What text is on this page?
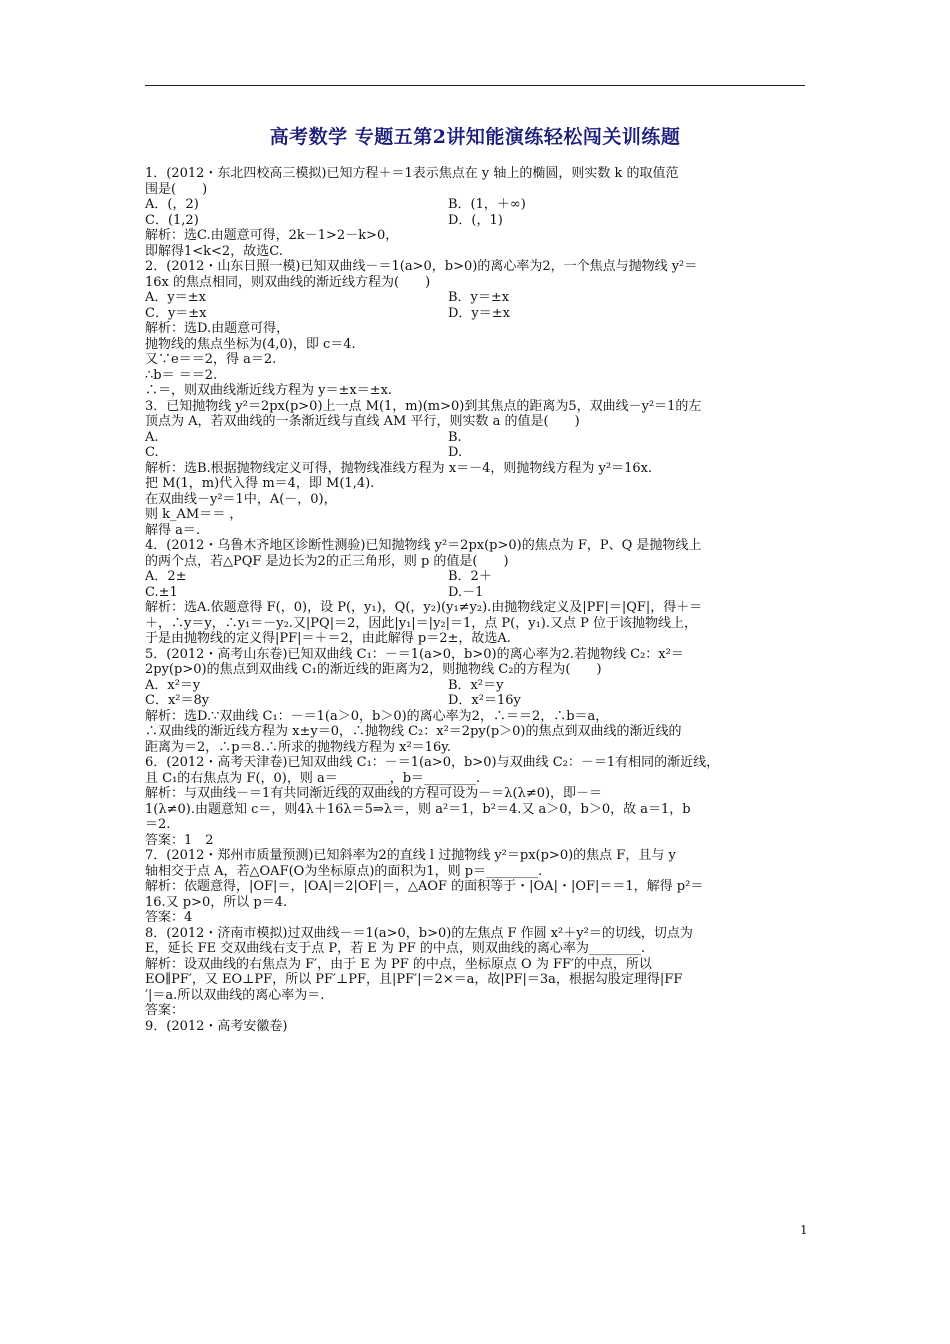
高考数学 专题五第2讲知能演练轻松闯关训练题
1．(2012・东北四校高三模拟)已知方程＋＝1表示焦点在 y 轴上的椭圆，则实数 k 的取值范
围是(　　)
A．(，2)	B．(1，＋∞)
C．(1,2)	D．(，1)
解析：选C.由题意可得，2k－1>2－k>0，
即解得1<k<2，故选C.
2．(2012・山东日照一模)已知双曲线－＝1(a>0，b>0)的离心率为2，一个焦点与抛物线 y²＝
16x 的焦点相同，则双曲线的渐近线方程为(　　)
A．y＝±x	B．y＝±x
C．y＝±x	D．y＝±x
解析：选D.由题意可得，
抛物线的焦点坐标为(4,0)，即 c＝4.
又∵e＝＝2，得 a＝2.
∴b＝ ＝＝2.
∴＝，则双曲线渐近线方程为 y＝±x＝±x.
3．已知抛物线 y²＝2px(p>0)上一点 M(1，m)(m>0)到其焦点的距离为5，双曲线－y²＝1的左
顶点为 A，若双曲线的一条渐近线与直线 AM 平行，则实数 a 的值是(　　)
A.	B.
C.	D.
解析：选B.根据抛物线定义可得，抛物线准线方程为 x＝－4，则抛物线方程为 y²＝16x.
把 M(1，m)代入得 m＝4，即 M(1,4).
在双曲线－y²＝1中，A(－，0)，
则 k_AM＝＝ ，
解得 a＝.
4．(2012・乌鲁木齐地区诊断性测验)已知抛物线 y²＝2px(p>0)的焦点为 F，P、Q 是抛物线上
的两个点，若△PQF 是边长为2的正三角形，则 p 的值是(　　)
A．2±	B．2＋
C.±1	D.－1
解析：选A.依题意得 F(，0)，设 P(，y₁)，Q(，y₂)(y₁≠y₂).由抛物线定义及|PF|＝|QF|，得＋＝
＋，∴y＝y，∴y₁＝－y₂.又|PQ|＝2，因此|y₁|＝|y₂|＝1，点 P(，y₁).又点 P 位于该抛物线上，
于是由抛物线的定义得|PF|＝＋＝2，由此解得 p＝2±，故选A.
5．(2012・高考山东卷)已知双曲线 C₁：－＝1(a>0，b>0)的离心率为2.若抛物线 C₂：x²＝
2py(p>0)的焦点到双曲线 C₁的渐近线的距离为2，则抛物线 C₂的方程为(　　)
A．x²＝y	B．x²＝y
C．x²＝8y	D．x²＝16y
解析：选D.∵双曲线 C₁：－＝1(a＞0，b＞0)的离心率为2，∴＝＝2，∴b＝a，
∴双曲线的渐近线方程为 x±y＝0，∴抛物线 C₂：x²＝2py(p＞0)的焦点到双曲线的渐近线的
距离为＝2，∴p＝8.∴所求的抛物线方程为 x²＝16y.
6．(2012・高考天津卷)已知双曲线 C₁：－＝1(a>0，b>0)与双曲线 C₂：－＝1有相同的渐近线，
且 C₁的右焦点为 F(，0)，则 a＝________，b＝________.
解析：与双曲线－＝1有共同渐近线的双曲线的方程可设为－＝λ(λ≠0)，即－＝
1(λ≠0).由题意知 c＝，则4λ＋16λ＝5⇒λ＝，则 a²＝1，b²＝4.又 a＞0，b＞0，故 a＝1，b
＝2.
答案：1　2
7．(2012・郑州市质量预测)已知斜率为2的直线 l 过抛物线 y²＝px(p>0)的焦点 F，且与 y
轴相交于点 A，若△OAF(O为坐标原点)的面积为1，则 p＝________.
解析：依题意得，|OF|＝，|OA|＝2|OF|＝，△AOF 的面积等于・|OA|・|OF|＝＝1，解得 p²＝
16.又 p>0，所以 p＝4.
答案：4
8．(2012・济南市模拟)过双曲线－＝1(a>0，b>0)的左焦点 F 作圆 x²＋y²＝的切线，切点为
E，延长 FE 交双曲线右支于点 P，若 E 为 PF 的中点，则双曲线的离心率为________.
解析：设双曲线的右焦点为 F′，由于 E 为 PF 的中点，坐标原点 O 为 FF′的中点，所以
EO∥PF′，又 EO⊥PF，所以 PF′⊥PF，且|PF′|＝2×＝a，故|PF|＝3a，根据勾股定理得|FF
′|＝a.所以双曲线的离心率为＝.
答案：
9．(2012・高考安徽卷)
1
